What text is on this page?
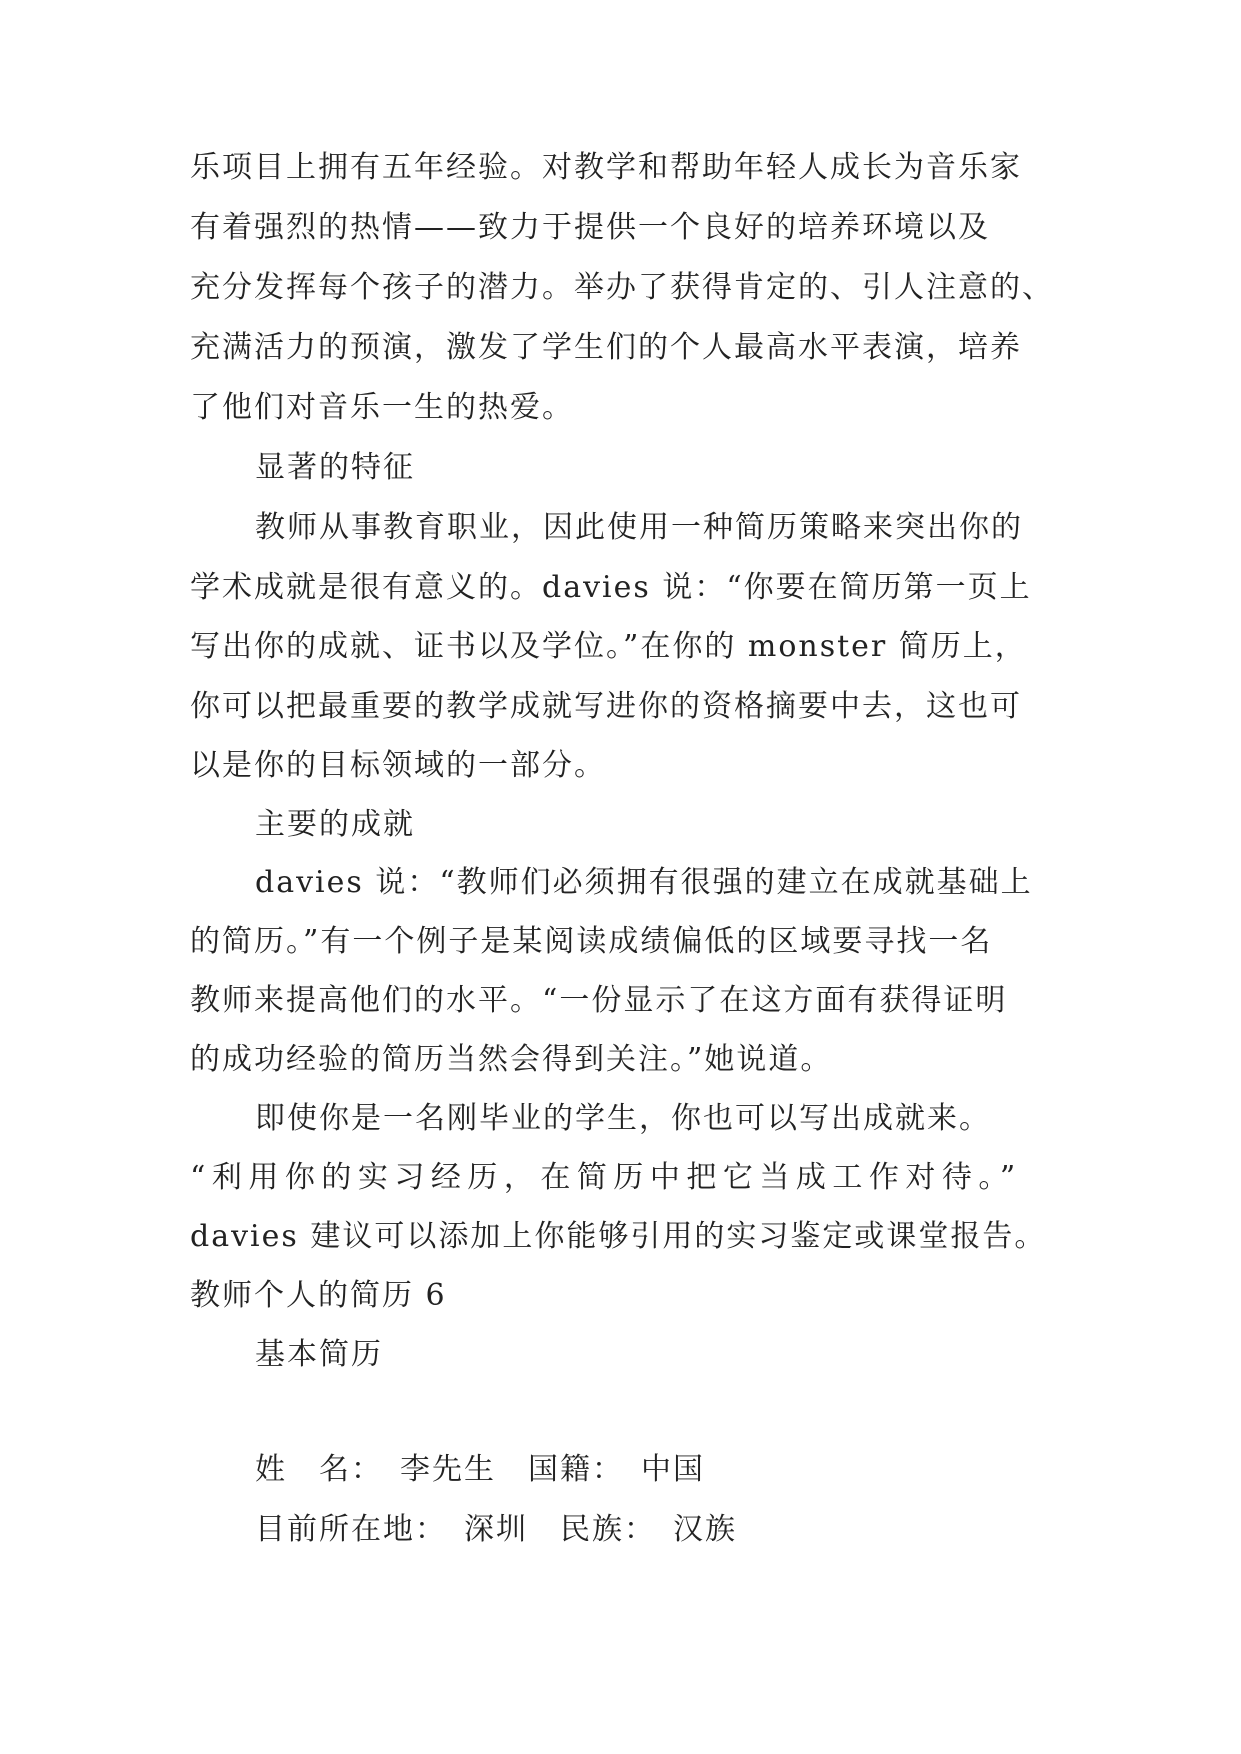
乐项目上拥有五年经验。对教学和帮助年轻人成长为音乐家
有着强烈的热情——致力于提供一个良好的培养环境以及
充分发挥每个孩子的潜力。举办了获得肯定的、引人注意的、
充满活力的预演，激发了学生们的个人最高水平表演，培养
了他们对音乐一生的热爱。
显著的特征
教师从事教育职业，因此使用一种简历策略来突出你的
学术成就是很有意义的。davies 说：“你要在简历第一页上
写出你的成就、证书以及学位。”在你的 monster 简历上，
你可以把最重要的教学成就写进你的资格摘要中去，这也可
以是你的目标领域的一部分。
主要的成就
davies 说：“教师们必须拥有很强的建立在成就基础上
的简历。”有一个例子是某阅读成绩偏低的区域要寻找一名
教师来提高他们的水平。“一份显示了在这方面有获得证明
的成功经验的简历当然会得到关注。”她说道。
即使你是一名刚毕业的学生，你也可以写出成就来。
“利用你的实习经历，在简历中把它当成工作对待。”
davies 建议可以添加上你能够引用的实习鉴定或课堂报告。
教师个人的简历 6
基本简历
姓　名：　李先生　国籍：　中国
目前所在地：　深圳　民族：　汉族
